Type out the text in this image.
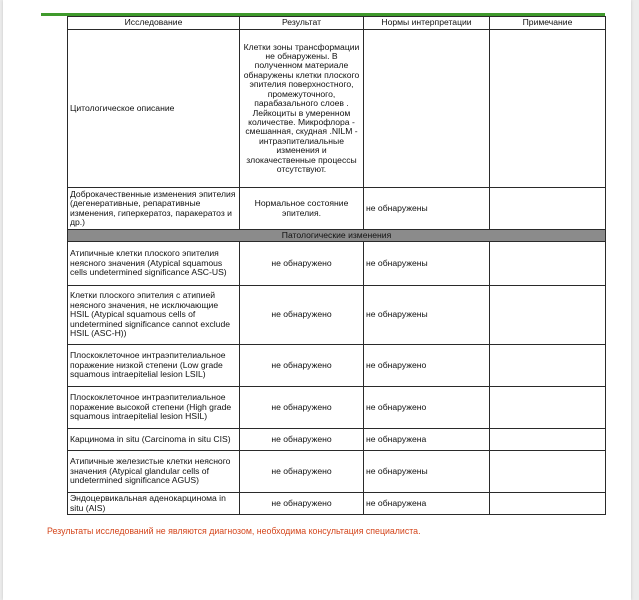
Исследование	Результат	Нормы интерпретации	Примечание
Цитологическое описание	Клетки зоны трансформации не обнаружены. В полученном материале обнаружены клетки плоского эпителия поверхностного, промежуточного, парабазального слоев . Лейкоциты в умеренном количестве. Микрофлора - смешанная, скудная .NILM - интраэпителиальные изменения и злокачественные процессы отсутствуют.		
Доброкачественные изменения эпителия (дегенеративные, репаративные изменения, гиперкератоз, паракератоз и др.)	Нормальное состояние эпителия.	не обнаружены	
Патологические изменения			
Атипичные клетки плоского эпителия неясного значения (Atypical squamous cells undetermined significance ASC-US)	не обнаружено	не обнаружены	
Клетки плоского эпителия с атипией неясного значения, не исключающие HSIL (Atypical squamous cells of undetermined significance cannot exclude HSIL (ASC-H))	не обнаружено	не обнаружены	
Плоскоклеточное интраэпителиальное поражение низкой степени (Low grade squamous intraepitelial lesion LSIL)	не обнаружено	не обнаружено	
Плоскоклеточное интраэпителиальное поражение высокой степени (High grade squamous intraepitelial lesion HSIL)	не обнаружено	не обнаружено	
Карцинома in situ (Carcinoma in situ CIS)	не обнаружено	не обнаружена	
Атипичные железистые клетки неясного значения (Atypical glandular cells of undetermined significance AGUS)	не обнаружено	не обнаружены	
Эндоцервикальная аденокарцинома in situ (AIS)	не обнаружено	не обнаружена	
Результаты исследований не являются диагнозом, необходима консультация специалиста.
